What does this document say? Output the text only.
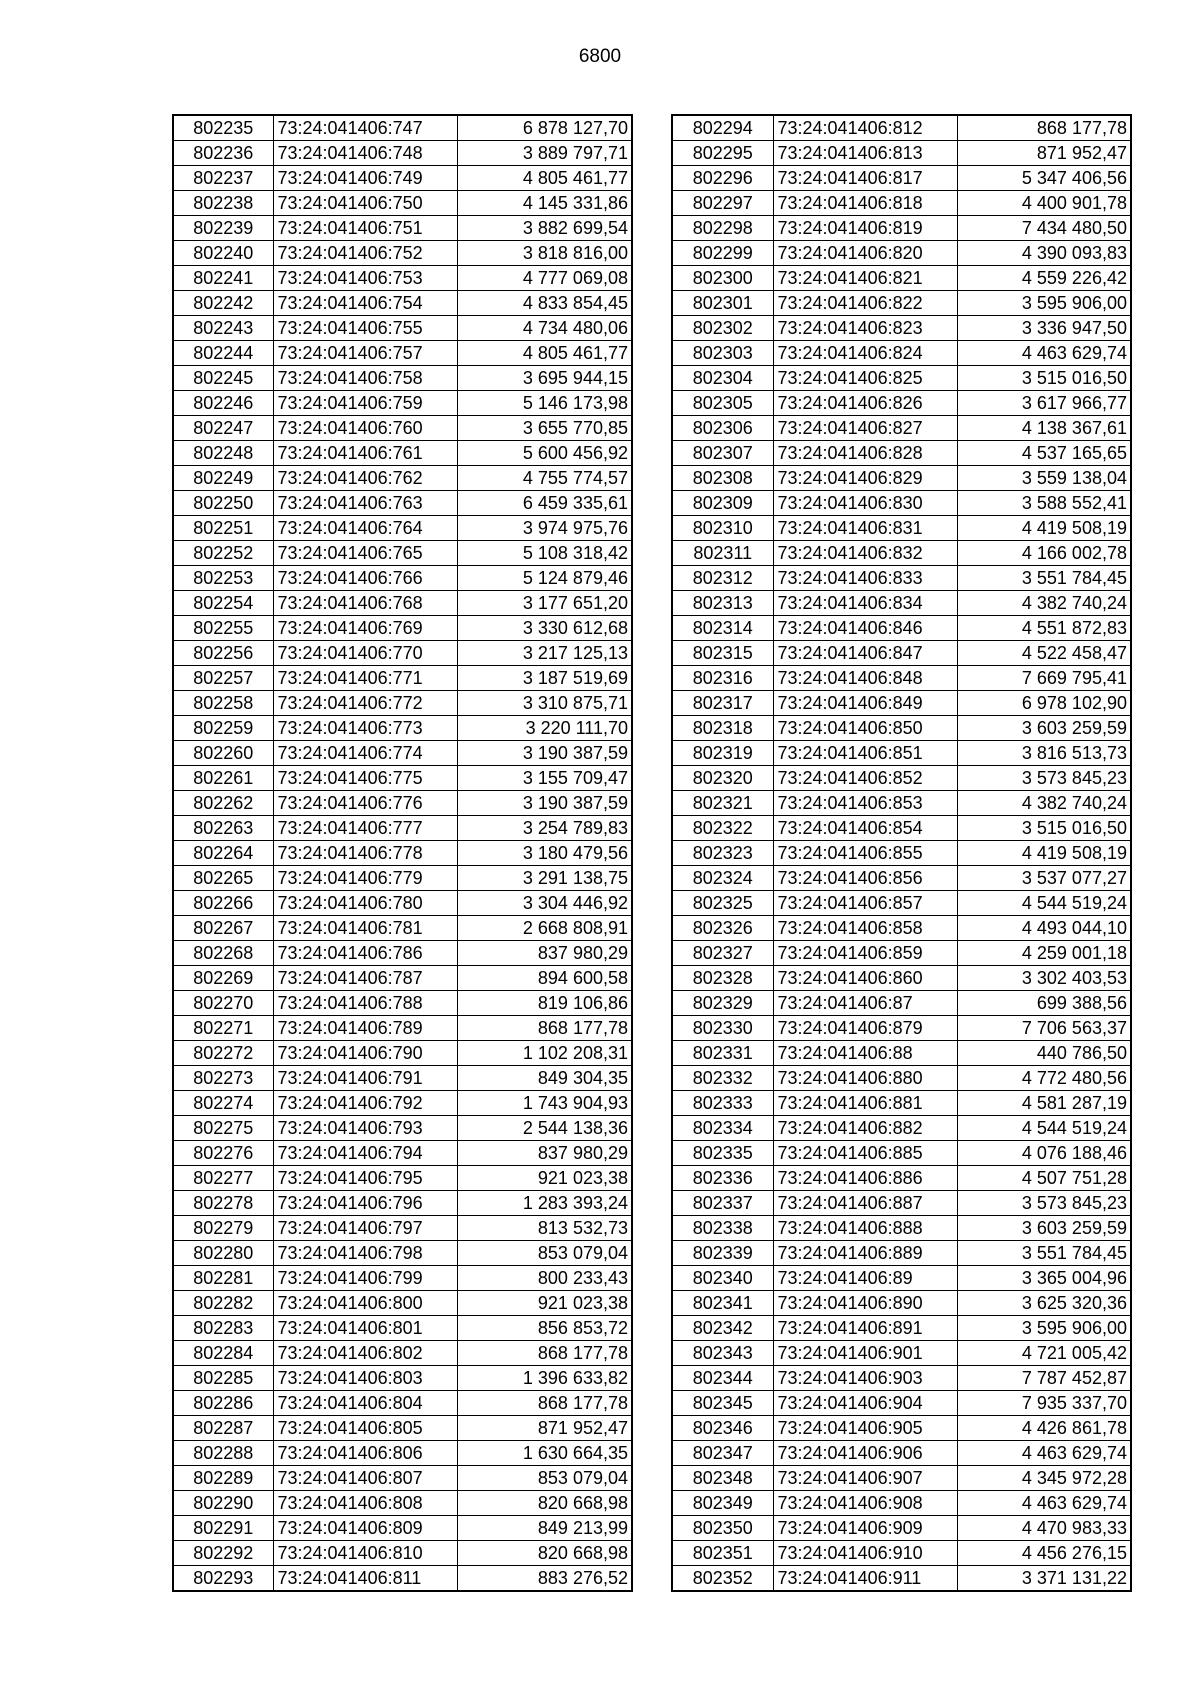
6800
802235	73:24:041406:747	6 878 127,70
802236	73:24:041406:748	3 889 797,71
802237	73:24:041406:749	4 805 461,77
802238	73:24:041406:750	4 145 331,86
802239	73:24:041406:751	3 882 699,54
802240	73:24:041406:752	3 818 816,00
802241	73:24:041406:753	4 777 069,08
802242	73:24:041406:754	4 833 854,45
802243	73:24:041406:755	4 734 480,06
802244	73:24:041406:757	4 805 461,77
802245	73:24:041406:758	3 695 944,15
802246	73:24:041406:759	5 146 173,98
802247	73:24:041406:760	3 655 770,85
802248	73:24:041406:761	5 600 456,92
802249	73:24:041406:762	4 755 774,57
802250	73:24:041406:763	6 459 335,61
802251	73:24:041406:764	3 974 975,76
802252	73:24:041406:765	5 108 318,42
802253	73:24:041406:766	5 124 879,46
802254	73:24:041406:768	3 177 651,20
802255	73:24:041406:769	3 330 612,68
802256	73:24:041406:770	3 217 125,13
802257	73:24:041406:771	3 187 519,69
802258	73:24:041406:772	3 310 875,71
802259	73:24:041406:773	3 220 111,70
802260	73:24:041406:774	3 190 387,59
802261	73:24:041406:775	3 155 709,47
802262	73:24:041406:776	3 190 387,59
802263	73:24:041406:777	3 254 789,83
802264	73:24:041406:778	3 180 479,56
802265	73:24:041406:779	3 291 138,75
802266	73:24:041406:780	3 304 446,92
802267	73:24:041406:781	2 668 808,91
802268	73:24:041406:786	837 980,29
802269	73:24:041406:787	894 600,58
802270	73:24:041406:788	819 106,86
802271	73:24:041406:789	868 177,78
802272	73:24:041406:790	1 102 208,31
802273	73:24:041406:791	849 304,35
802274	73:24:041406:792	1 743 904,93
802275	73:24:041406:793	2 544 138,36
802276	73:24:041406:794	837 980,29
802277	73:24:041406:795	921 023,38
802278	73:24:041406:796	1 283 393,24
802279	73:24:041406:797	813 532,73
802280	73:24:041406:798	853 079,04
802281	73:24:041406:799	800 233,43
802282	73:24:041406:800	921 023,38
802283	73:24:041406:801	856 853,72
802284	73:24:041406:802	868 177,78
802285	73:24:041406:803	1 396 633,82
802286	73:24:041406:804	868 177,78
802287	73:24:041406:805	871 952,47
802288	73:24:041406:806	1 630 664,35
802289	73:24:041406:807	853 079,04
802290	73:24:041406:808	820 668,98
802291	73:24:041406:809	849 213,99
802292	73:24:041406:810	820 668,98
802293	73:24:041406:811	883 276,52
802294	73:24:041406:812	868 177,78
802295	73:24:041406:813	871 952,47
802296	73:24:041406:817	5 347 406,56
802297	73:24:041406:818	4 400 901,78
802298	73:24:041406:819	7 434 480,50
802299	73:24:041406:820	4 390 093,83
802300	73:24:041406:821	4 559 226,42
802301	73:24:041406:822	3 595 906,00
802302	73:24:041406:823	3 336 947,50
802303	73:24:041406:824	4 463 629,74
802304	73:24:041406:825	3 515 016,50
802305	73:24:041406:826	3 617 966,77
802306	73:24:041406:827	4 138 367,61
802307	73:24:041406:828	4 537 165,65
802308	73:24:041406:829	3 559 138,04
802309	73:24:041406:830	3 588 552,41
802310	73:24:041406:831	4 419 508,19
802311	73:24:041406:832	4 166 002,78
802312	73:24:041406:833	3 551 784,45
802313	73:24:041406:834	4 382 740,24
802314	73:24:041406:846	4 551 872,83
802315	73:24:041406:847	4 522 458,47
802316	73:24:041406:848	7 669 795,41
802317	73:24:041406:849	6 978 102,90
802318	73:24:041406:850	3 603 259,59
802319	73:24:041406:851	3 816 513,73
802320	73:24:041406:852	3 573 845,23
802321	73:24:041406:853	4 382 740,24
802322	73:24:041406:854	3 515 016,50
802323	73:24:041406:855	4 419 508,19
802324	73:24:041406:856	3 537 077,27
802325	73:24:041406:857	4 544 519,24
802326	73:24:041406:858	4 493 044,10
802327	73:24:041406:859	4 259 001,18
802328	73:24:041406:860	3 302 403,53
802329	73:24:041406:87	699 388,56
802330	73:24:041406:879	7 706 563,37
802331	73:24:041406:88	440 786,50
802332	73:24:041406:880	4 772 480,56
802333	73:24:041406:881	4 581 287,19
802334	73:24:041406:882	4 544 519,24
802335	73:24:041406:885	4 076 188,46
802336	73:24:041406:886	4 507 751,28
802337	73:24:041406:887	3 573 845,23
802338	73:24:041406:888	3 603 259,59
802339	73:24:041406:889	3 551 784,45
802340	73:24:041406:89	3 365 004,96
802341	73:24:041406:890	3 625 320,36
802342	73:24:041406:891	3 595 906,00
802343	73:24:041406:901	4 721 005,42
802344	73:24:041406:903	7 787 452,87
802345	73:24:041406:904	7 935 337,70
802346	73:24:041406:905	4 426 861,78
802347	73:24:041406:906	4 463 629,74
802348	73:24:041406:907	4 345 972,28
802349	73:24:041406:908	4 463 629,74
802350	73:24:041406:909	4 470 983,33
802351	73:24:041406:910	4 456 276,15
802352	73:24:041406:911	3 371 131,22
